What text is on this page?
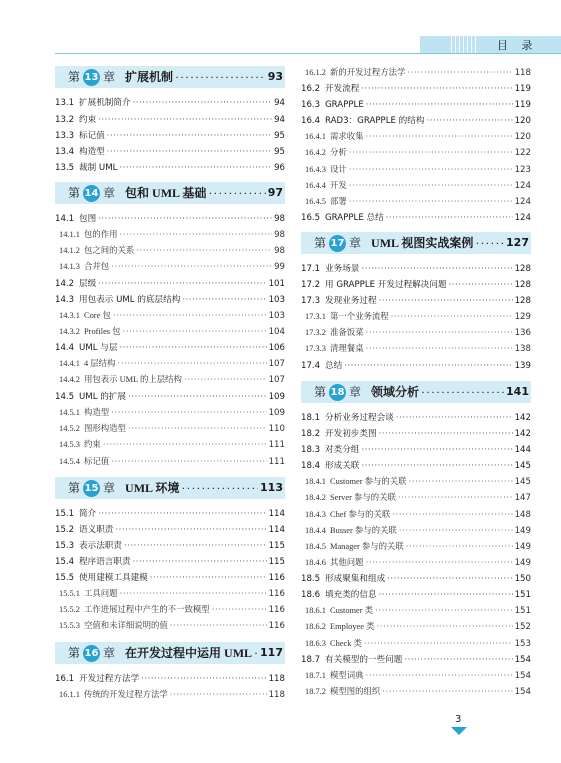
目 录
第 13 章 扩展机制 ·····	93
13.1 扩展机制简介 ·····	94
13.2 约束 ·····	94
13.3 标记值 ·····	95
13.4 构造型 ·····	95
13.5 裁制 UML ·····	96
第 14 章 包和 UML 基础 ·····	97
14.1 包图 ·····	98
14.1.1 包的作用 ·····	98
14.1.2 包之间的关系 ·····	98
14.1.3 合并包 ·····	99
14.2 层级 ·····	101
14.3 用包表示 UML 的底层结构 ·····	103
14.3.1 Core 包 ·····	103
14.3.2 Profiles 包 ·····	104
14.4 UML 与层 ·····	106
14.4.1 4 层结构 ·····	107
14.4.2 用包表示 UML 的上层结构 ·····	107
14.5 UML 的扩展 ·····	109
14.5.1 构造型 ·····	109
14.5.2 图形构造型 ·····	110
14.5.3 约束 ·····	111
14.5.4 标记值 ·····	111
第 15 章 UML 环境 ·····	113
15.1 简介 ·····	114
15.2 语义职责 ·····	114
15.3 表示法职责 ·····	115
15.4 程序语言职责 ·····	115
15.5 使用建模工具建模 ·····	116
15.5.1 工具问题 ·····	116
15.5.2 工作进展过程中产生的不一致模型 ·····	116
15.5.3 空值和未详细说明的值 ·····	116
第 16 章 在开发过程中运用 UML ····· 117
16.1 开发过程方法学 ·····	118
16.1.1 传统的开发过程方法学 ·····	118
16.1.2 新的开发过程方法学 ·····	118
16.2 开发流程 ·····	119
16.3 GRAPPLE ·····	119
16.4 RAD3：GRAPPLE 的结构 ·····	120
16.4.1 需求收集 ·····	120
16.4.2 分析 ·····	122
16.4.3 设计 ·····	123
16.4.4 开发 ·····	124
16.4.5 部署 ·····	124
16.5 GRAPPLE 总结 ·····	124
第 17 章 UML 视图实战案例 ·····	127
17.1 业务场景 ·····	128
17.2 用 GRAPPLE 开发过程解决问题 ·····	128
17.3 发现业务过程 ·····	128
17.3.1 第一个业务流程 ·····	129
17.3.2 准备饭菜 ·····	136
17.3.3 清理餐桌 ·····	138
17.4 总结 ·····	139
第 18 章 领域分析 ·····	141
18.1 分析业务过程会谈 ·····	142
18.2 开发初步类图 ·····	142
18.3 对类分组 ·····	144
18.4 形成关联 ·····	145
18.4.1 Customer 参与的关联 ·····	145
18.4.2 Server 参与的关联 ·····	147
18.4.3 Chef 参与的关联 ·····	148
18.4.4 Busser 参与的关联 ·····	149
18.4.5 Manager 参与的关联 ·····	149
18.4.6 其他问题 ·····	149
18.5 形成聚集和组成 ·····	150
18.6 填充类的信息 ·····	151
18.6.1 Customer 类 ·····	151
18.6.2 Employee 类 ·····	152
18.6.3 Check 类 ·····	153
18.7 有关模型的一些问题 ·····	154
18.7.1 模型词典 ·····	154
18.7.2 模型图的组织 ·····	154
3
